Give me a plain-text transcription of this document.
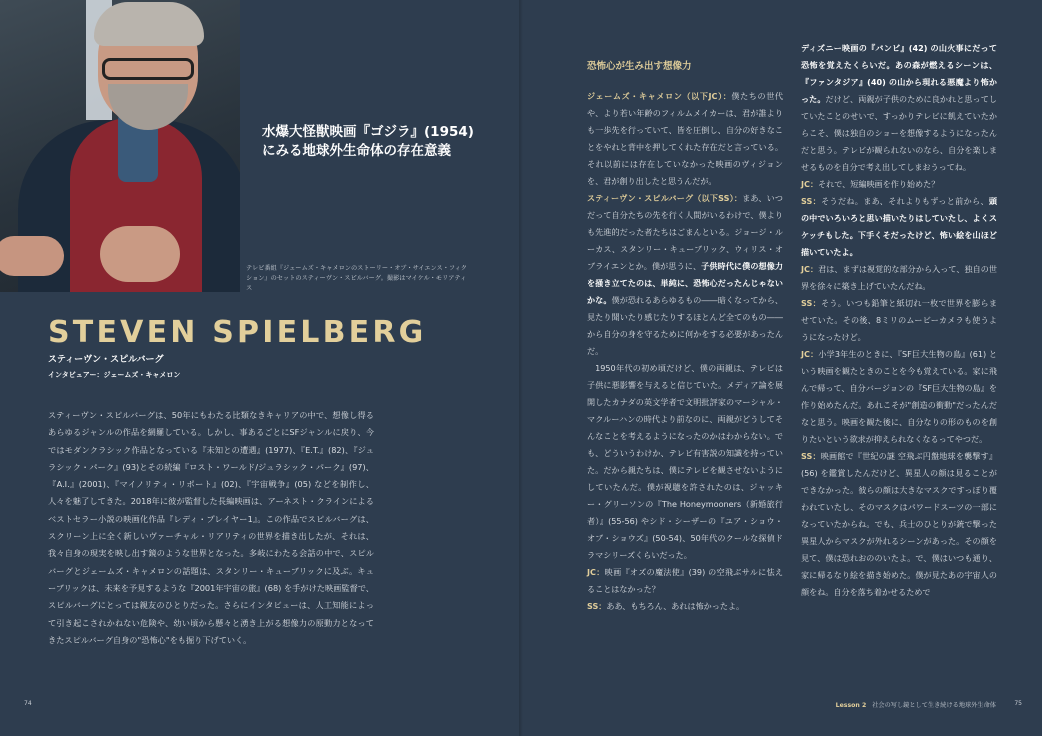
水爆大怪獣映画『ゴジラ』(1954)
にみる地球外生命体の存在意義

テレビ番組『ジェームズ・キャメロンのストーリー・オブ・サイエンス・フィクション』のセットのスティーヴン・スピルバーグ。撮影はマイケル・モリアティス

STEVEN SPIELBERG

スティーヴン・スピルバーグ

インタビュアー：ジェームズ・キャメロン

スティーヴン・スピルバーグは、50年にもわたる比類なきキャリアの中で、想像し得るあらゆるジャンルの作品を網羅している。しかし、事あるごとにSFジャンルに戻り、今ではモダンクラシック作品となっている『未知との遭遇』(1977)、『E.T.』(82)、『ジュラシック・パーク』(93)とその続編『ロスト・ワールド/ジュラシック・パーク』(97)、『A.I.』(2001)、『マイノリティ・リポート』(02)、『宇宙戦争』(05) などを制作し、人々を魅了してきた。2018年に彼が監督した長編映画は、アーネスト・クラインによるベストセラー小説の映画化作品『レディ・プレイヤー1』。この作品でスピルバーグは、スクリーン上に全く新しいヴァーチャル・リアリティの世界を描き出したが、それは、我々自身の現実を映し出す鏡のような世界となった。多岐にわたる会話の中で、スピルバーグとジェームズ・キャメロンの話題は、スタンリー・キューブリックに及ぶ。キューブリックは、未来を予見するような『2001年宇宙の旅』(68) を手がけた映画監督で、スピルバーグにとっては親友のひとりだった。さらにインタビューは、人工知能によって引き起こされかねない危険や、幼い頃から懸々と湧き上がる想像力の原動力となってきたスピルバーグ自身の"恐怖心"をも掘り下げていく。

74

恐怖心が生み出す想像力

ジェームズ・キャメロン（以下JC）：僕たちの世代や、より若い年齢のフィルムメイカーは、君が誰よりも一歩先を行っていて、皆を圧倒し、自分の好きなことをやれと背中を押してくれた存在だと言っている。それ以前には存在していなかった映画のヴィジョンを、君が創り出したと思うんだが。

スティーヴン・スピルバーグ（以下SS）：まあ、いつだって自分たちの先を行く人間がいるわけで、僕よりも先進的だった者たちはごまんといる。ジョージ・ルーカス、スタンリー・キューブリック、ウィリス・オブライエンとか。僕が思うに、子供時代に僕の想像力を掻き立てたのは、単純に、恐怖心だったんじゃないかな。僕が恐れるあらゆるもの――暗くなってから、見たり聞いたり感じたりするほとんど全てのもの――から自分の身を守るために何かをする必要があったんだ。

1950年代の初め頃だけど、僕の両親は、テレビは子供に悪影響を与えると信じていた。メディア論を展開したカナダの英文学者で文明批評家のマーシャル・マクルーハンの時代より前なのに、両親がどうしてそんなことを考えるようになったのかはわからない。でも、どういうわけか、テレビ有害説の知識を持っていた。だから親たちは、僕にテレビを観させないようにしていたんだ。僕が視聴を許されたのは、ジャッキー・グリーソンの『The Honeymooners（新婚旅行者）』(55-56) やシド・シーザーの『ユア・ショウ・オブ・ショウズ』(50-54)、50年代のクールな探偵ドラマシリーズくらいだった。

JC：映画『オズの魔法使』(39) の空飛ぶサルに怯えることはなかった？

SS：ああ、もちろん、あれは怖かったよ。

ディズニー映画の『バンビ』(42) の山火事にだって恐怖を覚えたくらいだ。あの森が燃えるシーンは、『ファンタジア』(40) の山から現れる悪魔より怖かった。だけど、両親が子供のために良かれと思ってしていたことのせいで、すっかりテレビに飢えていたからこそ、僕は独自のショーを想像するようになったんだと思う。テレビが観られないのなら、自分を楽しませるものを自分で考え出してしまおうってね。

JC：それで、短編映画を作り始めた？

SS：そうだね。まあ、それよりもずっと前から、頭の中でいろいろと思い描いたりはしていたし、よくスケッチもした。下手くそだったけど、怖い絵を山ほど描いていたよ。

JC：君は、まずは視覚的な部分から入って、独自の世界を徐々に築き上げていたんだね。

SS：そう。いつも鉛筆と紙切れ一枚で世界を膨らませていた。その後、8ミリのムービーカメラも使うようになったけど。

JC：小学3年生のときに、『SF巨大生物の島』(61) という映画を観たときのことを今も覚えている。家に飛んで帰って、自分バージョンの『SF巨大生物の島』を作り始めたんだ。あれこそが"創造の衝動"だったんだなと思う。映画を観た後に、自分なりの形のものを創りたいという欲求が抑えられなくなるってやつだ。

SS：映画館で『世紀の謎 空飛ぶ円盤地球を襲撃す』(56) を鑑賞したんだけど、異星人の顔は見ることができなかった。彼らの顔は大きなマスクですっぽり覆われていたし、そのマスクはパワードスーツの一部になっていたからね。でも、兵士のひとりが銃で撃った異星人からマスクが外れるシーンがあった。その顔を見て、僕は恐れおののいたよ。で、僕はいつも通り、家に帰るなり絵を描き始めた。僕が見たあの宇宙人の顔をね。自分を落ち着かせるためで

Lesson 2 社会の写し鏡として生き続ける地球外生命体	75
